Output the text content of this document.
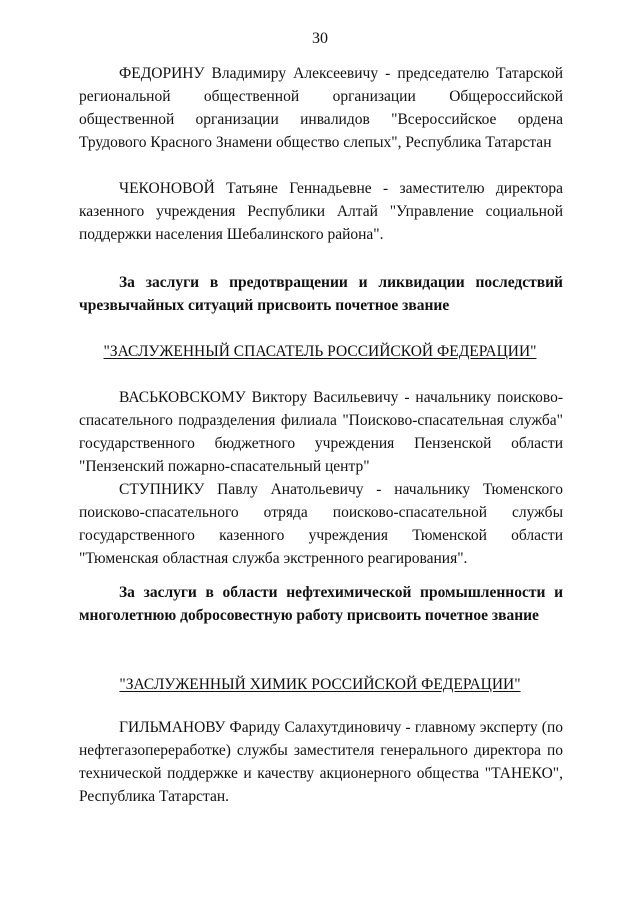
30

ФЕДОРИНУ Владимиру Алексеевичу - председателю Татарской региональной общественной организации Общероссийской общественной организации инвалидов "Всероссийское ордена Трудового Красного Знамени общество слепых", Республика Татарстан

ЧЕКОНОВОЙ Татьяне Геннадьевне - заместителю директора казенного учреждения Республики Алтай "Управление социальной поддержки населения Шебалинского района".

За заслуги в предотвращении и ликвидации последствий чрезвычайных ситуаций присвоить почетное звание

"ЗАСЛУЖЕННЫЙ СПАСАТЕЛЬ РОССИЙСКОЙ ФЕДЕРАЦИИ"

ВАСЬКОВСКОМУ Виктору Васильевичу - начальнику поисково-спасательного подразделения филиала "Поисково-спасательная служба" государственного бюджетного учреждения Пензенской области "Пензенский пожарно-спасательный центр"

СТУПНИКУ Павлу Анатольевичу - начальнику Тюменского поисково-спасательного отряда поисково-спасательной службы государственного казенного учреждения Тюменской области "Тюменская областная служба экстренного реагирования".

За заслуги в области нефтехимической промышленности и многолетнюю добросовестную работу присвоить почетное звание

"ЗАСЛУЖЕННЫЙ ХИМИК РОССИЙСКОЙ ФЕДЕРАЦИИ"

ГИЛЬМАНОВУ Фариду Салахутдиновичу - главному эксперту (по нефтегазопереработке) службы заместителя генерального директора по технической поддержке и качеству акционерного общества "ТАНЕКО", Республика Татарстан.
